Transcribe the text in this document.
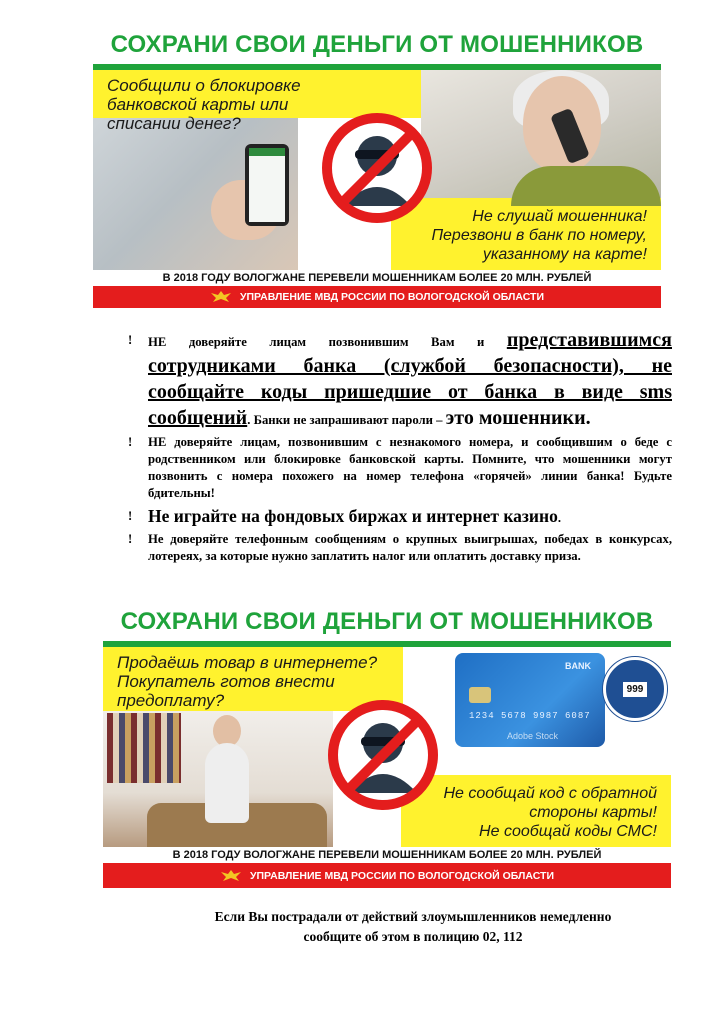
СОХРАНИ СВОИ ДЕНЬГИ ОТ МОШЕННИКОВ
Сообщили о блокировке
банковской карты или
списании денег?
Не слушай мошенника!
Перезвони в банк по номеру,
указанному на карте!
В 2018 ГОДУ ВОЛОГЖАНЕ ПЕРЕВЕЛИ МОШЕННИКАМ БОЛЕЕ 20 МЛН. РУБЛЕЙ
УПРАВЛЕНИЕ МВД РОССИИ ПО ВОЛОГОДСКОЙ ОБЛАСТИ

! НЕ доверяйте лицам позвонившим Вам и представившимся сотрудниками банка (службой безопасности), не сообщайте коды пришедшие от банка в виде sms сообщений. Банки не запрашивают пароли – это мошенники.

! НЕ доверяйте лицам, позвонившим с незнакомого номера, и сообщившим о беде с родственником или блокировке банковской карты. Помните, что мошенники могут позвонить с номера похожего на номер телефона «горячей» линии банка! Будьте бдительны!

! Не играйте на фондовых биржах и интернет казино.

! Не доверяйте телефонным сообщениям о крупных выигрышах, победах в конкурсах, лотереях, за которые нужно заплатить налог или оплатить доставку приза.

СОХРАНИ СВОИ ДЕНЬГИ ОТ МОШЕННИКОВ
Продаёшь товар в интернете?
Покупатель готов внести
предоплату?
BANK
1234 5678 9987 6087
Adobe Stock
999
Не сообщай код с обратной
стороны карты!
Не сообщай коды СМС!
В 2018 ГОДУ ВОЛОГЖАНЕ ПЕРЕВЕЛИ МОШЕННИКАМ БОЛЕЕ 20 МЛН. РУБЛЕЙ
УПРАВЛЕНИЕ МВД РОССИИ ПО ВОЛОГОДСКОЙ ОБЛАСТИ
Если Вы пострадали от действий злоумышленников немедленно
сообщите об этом в полицию 02, 112
